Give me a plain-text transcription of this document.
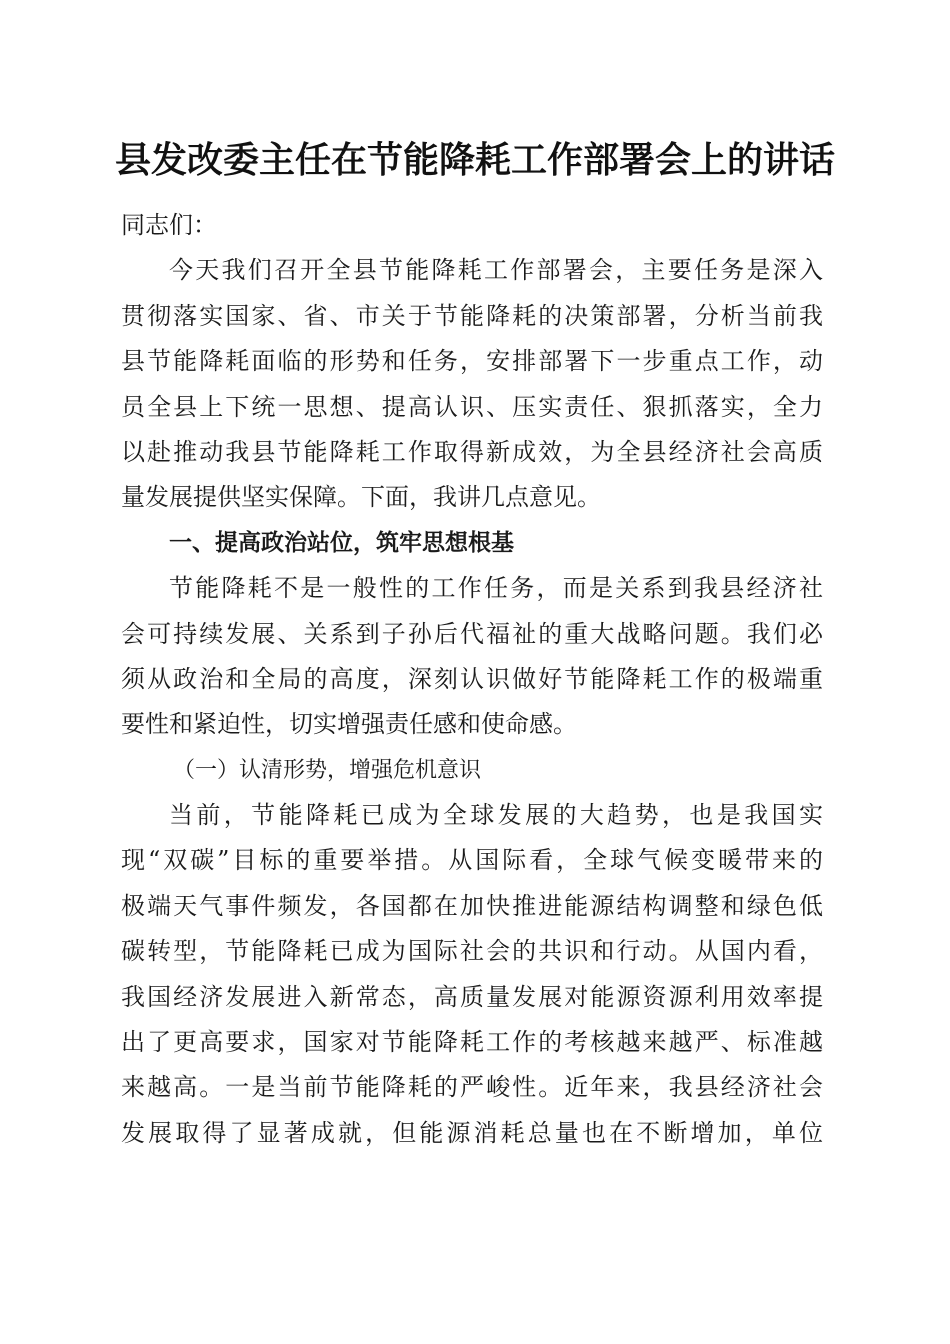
县发改委主任在节能降耗工作部署会上的讲话
同志们：
今天我们召开全县节能降耗工作部署会，主要任务是深入
贯彻落实国家、省、市关于节能降耗的决策部署，分析当前我
县节能降耗面临的形势和任务，安排部署下一步重点工作，动
员全县上下统一思想、提高认识、压实责任、狠抓落实，全力
以赴推动我县节能降耗工作取得新成效，为全县经济社会高质
量发展提供坚实保障。下面，我讲几点意见。
一、提高政治站位，筑牢思想根基
节能降耗不是一般性的工作任务，而是关系到我县经济社
会可持续发展、关系到子孙后代福祉的重大战略问题。我们必
须从政治和全局的高度，深刻认识做好节能降耗工作的极端重
要性和紧迫性，切实增强责任感和使命感。
（一）认清形势，增强危机意识
当前，节能降耗已成为全球发展的大趋势，也是我国实
现“双碳”目标的重要举措。从国际看，全球气候变暖带来的
极端天气事件频发，各国都在加快推进能源结构调整和绿色低
碳转型，节能降耗已成为国际社会的共识和行动。从国内看，
我国经济发展进入新常态，高质量发展对能源资源利用效率提
出了更高要求，国家对节能降耗工作的考核越来越严、标准越
来越高。一是当前节能降耗的严峻性。近年来，我县经济社会
发展取得了显著成就，但能源消耗总量也在不断增加，单位
